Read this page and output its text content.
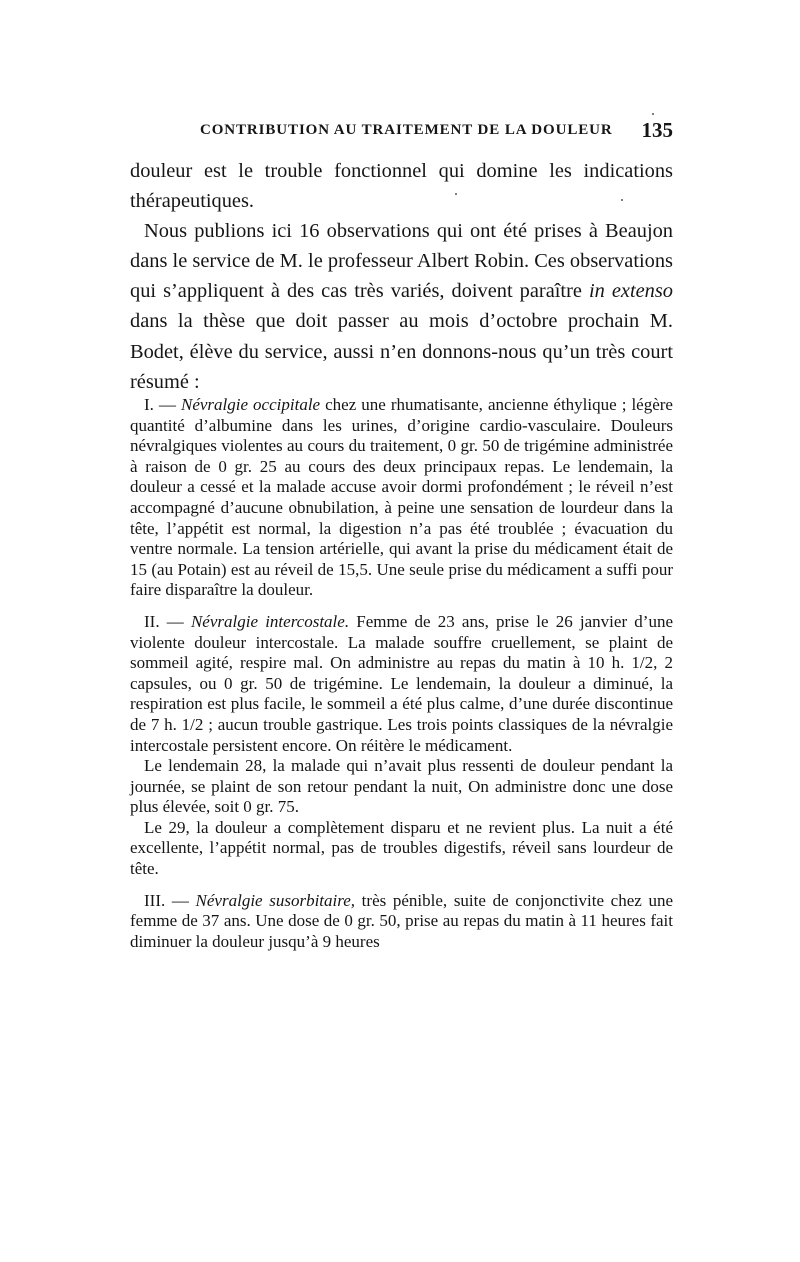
CONTRIBUTION AU TRAITEMENT DE LA DOULEUR 135

douleur est le trouble fonctionnel qui domine les indications thérapeutiques.

Nous publions ici 16 observations qui ont été prises à Beaujon dans le service de M. le professeur Albert Robin. Ces observations qui s’appliquent à des cas très variés, doivent paraître in extenso dans la thèse que doit passer au mois d’octobre prochain M. Bodet, élève du service, aussi n’en donnons-nous qu’un très court résumé :

I. — Névralgie occipitale chez une rhumatisante, ancienne éthylique ; légère quantité d’albumine dans les urines, d’origine cardio-vasculaire. Douleurs névralgiques violentes au cours du traitement, 0 gr. 50 de trigémine administrée à raison de 0 gr. 25 au cours des deux principaux repas. Le lendemain, la douleur a cessé et la malade accuse avoir dormi profondément ; le réveil n’est accompagné d’aucune obnubilation, à peine une sensation de lourdeur dans la tête, l’appétit est normal, la digestion n’a pas été troublée ; évacuation du ventre normale. La tension artérielle, qui avant la prise du médicament était de 15 (au Potain) est au réveil de 15,5. Une seule prise du médicament a suffi pour faire disparaître la douleur.

II. — Névralgie intercostale. Femme de 23 ans, prise le 26 janvier d’une violente douleur intercostale. La malade souffre cruellement, se plaint de sommeil agité, respire mal. On administre au repas du matin à 10 h. 1/2, 2 capsules, ou 0 gr. 50 de trigémine. Le lendemain, la douleur a diminué, la respiration est plus facile, le sommeil a été plus calme, d’une durée discontinue de 7 h. 1/2 ; aucun trouble gastrique. Les trois points classiques de la névralgie intercostale persistent encore. On réitère le médicament.

Le lendemain 28, la malade qui n’avait plus ressenti de douleur pendant la journée, se plaint de son retour pendant la nuit, On administre donc une dose plus élevée, soit 0 gr. 75.

Le 29, la douleur a complètement disparu et ne revient plus. La nuit a été excellente, l’appétit normal, pas de troubles digestifs, réveil sans lourdeur de tête.

III. — Névralgie susorbitaire, très pénible, suite de conjonctivite chez une femme de 37 ans. Une dose de 0 gr. 50, prise au repas du matin à 11 heures fait diminuer la douleur jusqu’à 9 heures
